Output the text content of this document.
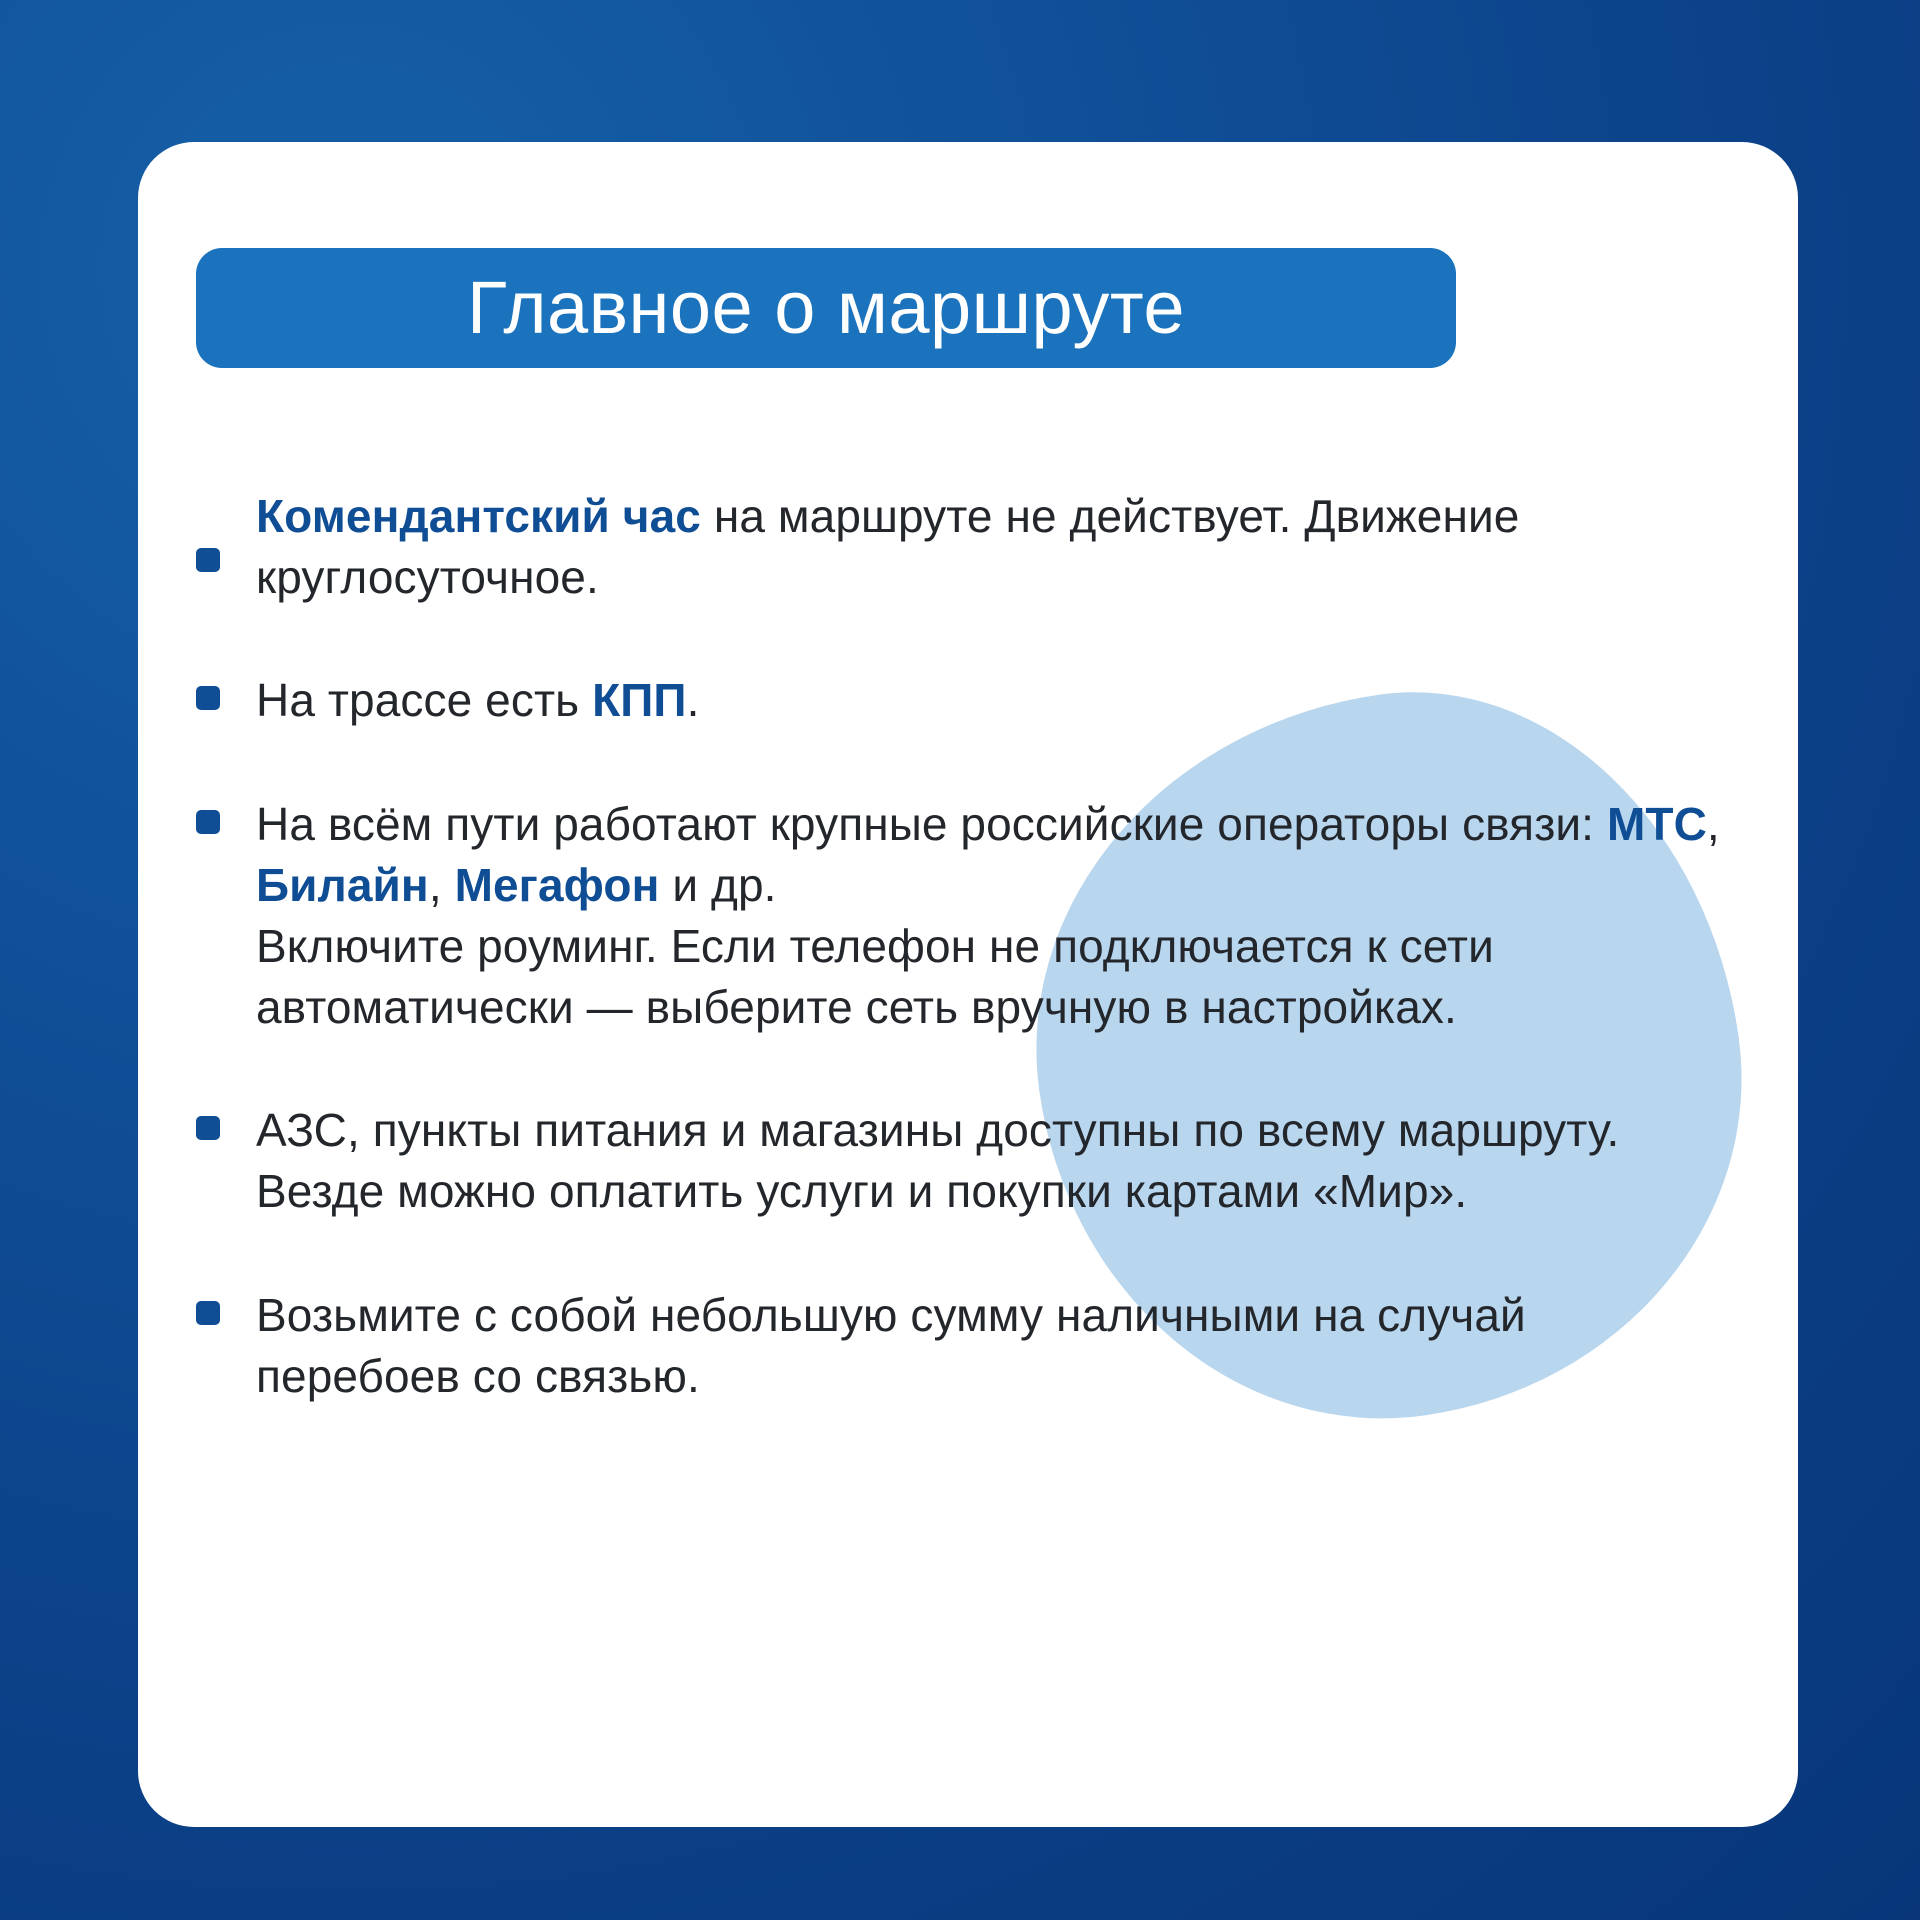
Главное о маршруте
Комендантский час на маршруте не действует. Движение круглосуточное.
На трассе есть КПП.
На всём пути работают крупные российские операторы связи: МТС, Билайн, Мегафон и др.
Включите роуминг. Если телефон не подключается к сети автоматически — выберите сеть вручную в настройках.
АЗС, пункты питания и магазины доступны по всему маршруту. Везде можно оплатить услуги и покупки картами «Мир».
Возьмите с собой небольшую сумму наличными на случай перебоев со связью.
